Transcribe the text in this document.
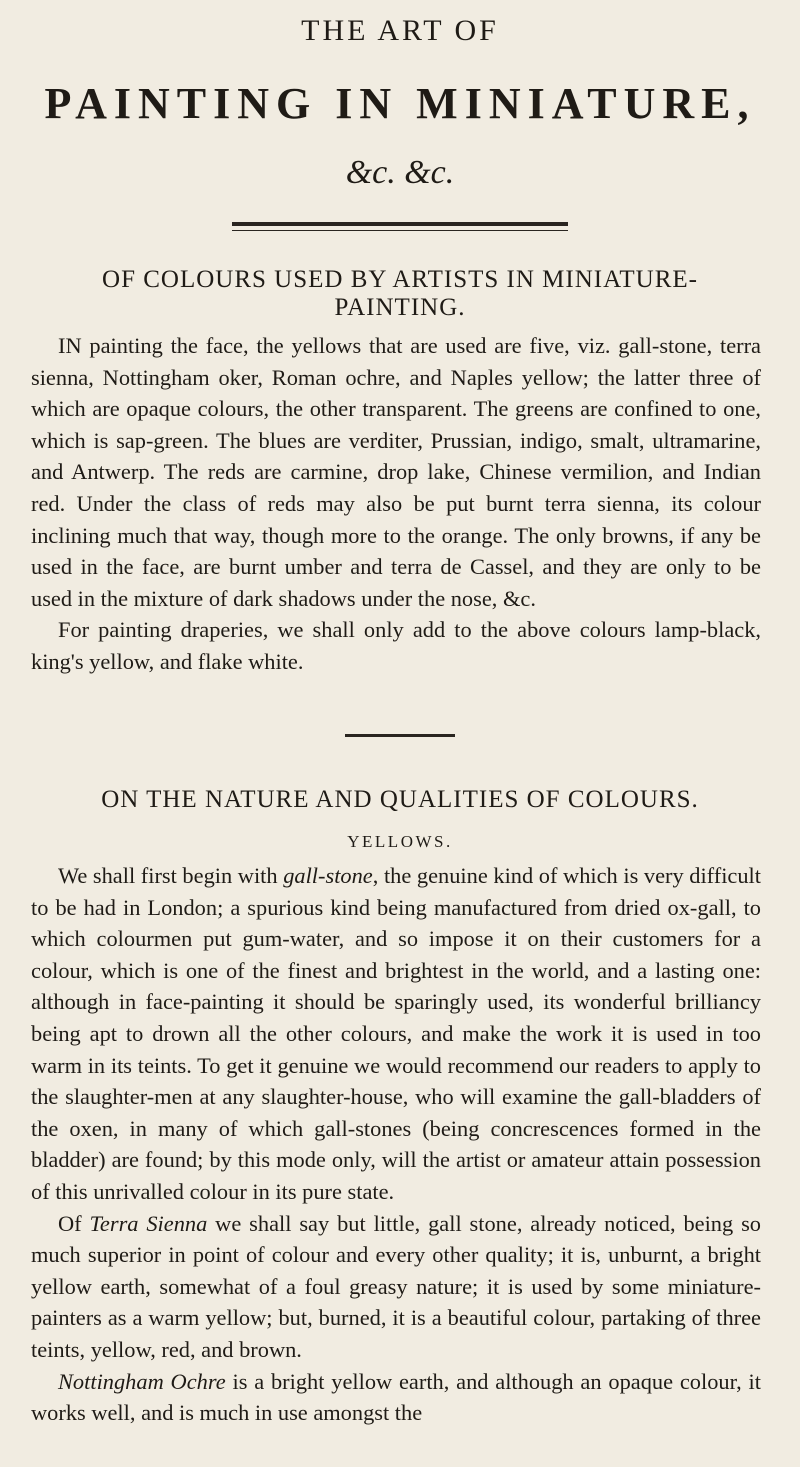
THE ART OF
PAINTING IN MINIATURE,
&c. &c.
OF COLOURS USED BY ARTISTS IN MINIATURE-
PAINTING.

IN painting the face, the yellows that are used are five, viz. gall-stone, terra sienna, Nottingham oker, Roman ochre, and Naples yellow; the latter three of which are opaque colours, the other transparent. The greens are confined to one, which is sap-green. The blues are verditer, Prussian, indigo, smalt, ultramarine, and Antwerp. The reds are carmine, drop lake, Chinese vermilion, and Indian red. Under the class of reds may also be put burnt terra sienna, its colour inclining much that way, though more to the orange. The only browns, if any be used in the face, are burnt umber and terra de Cassel, and they are only to be used in the mixture of dark shadows under the nose, &c.

For painting draperies, we shall only add to the above colours lamp-black, king's yellow, and flake white.

ON THE NATURE AND QUALITIES OF COLOURS.
YELLOWS.

We shall first begin with gall-stone, the genuine kind of which is very difficult to be had in London; a spurious kind being manufactured from dried ox-gall, to which colourmen put gum-water, and so impose it on their customers for a colour, which is one of the finest and brightest in the world, and a lasting one: although in face-painting it should be sparingly used, its wonderful brilliancy being apt to drown all the other colours, and make the work it is used in too warm in its teints. To get it genuine we would recommend our readers to apply to the slaughter-men at any slaughter-house, who will examine the gall-bladders of the oxen, in many of which gall-stones (being concrescences formed in the bladder) are found; by this mode only, will the artist or amateur attain possession of this unrivalled colour in its pure state.

Of Terra Sienna we shall say but little, gall stone, already noticed, being so much superior in point of colour and every other quality; it is, unburnt, a bright yellow earth, somewhat of a foul greasy nature; it is used by some miniature-painters as a warm yellow; but, burned, it is a beautiful colour, partaking of three teints, yellow, red, and brown.

Nottingham Ochre is a bright yellow earth, and although an opaque colour, it works well, and is much in use amongst the
